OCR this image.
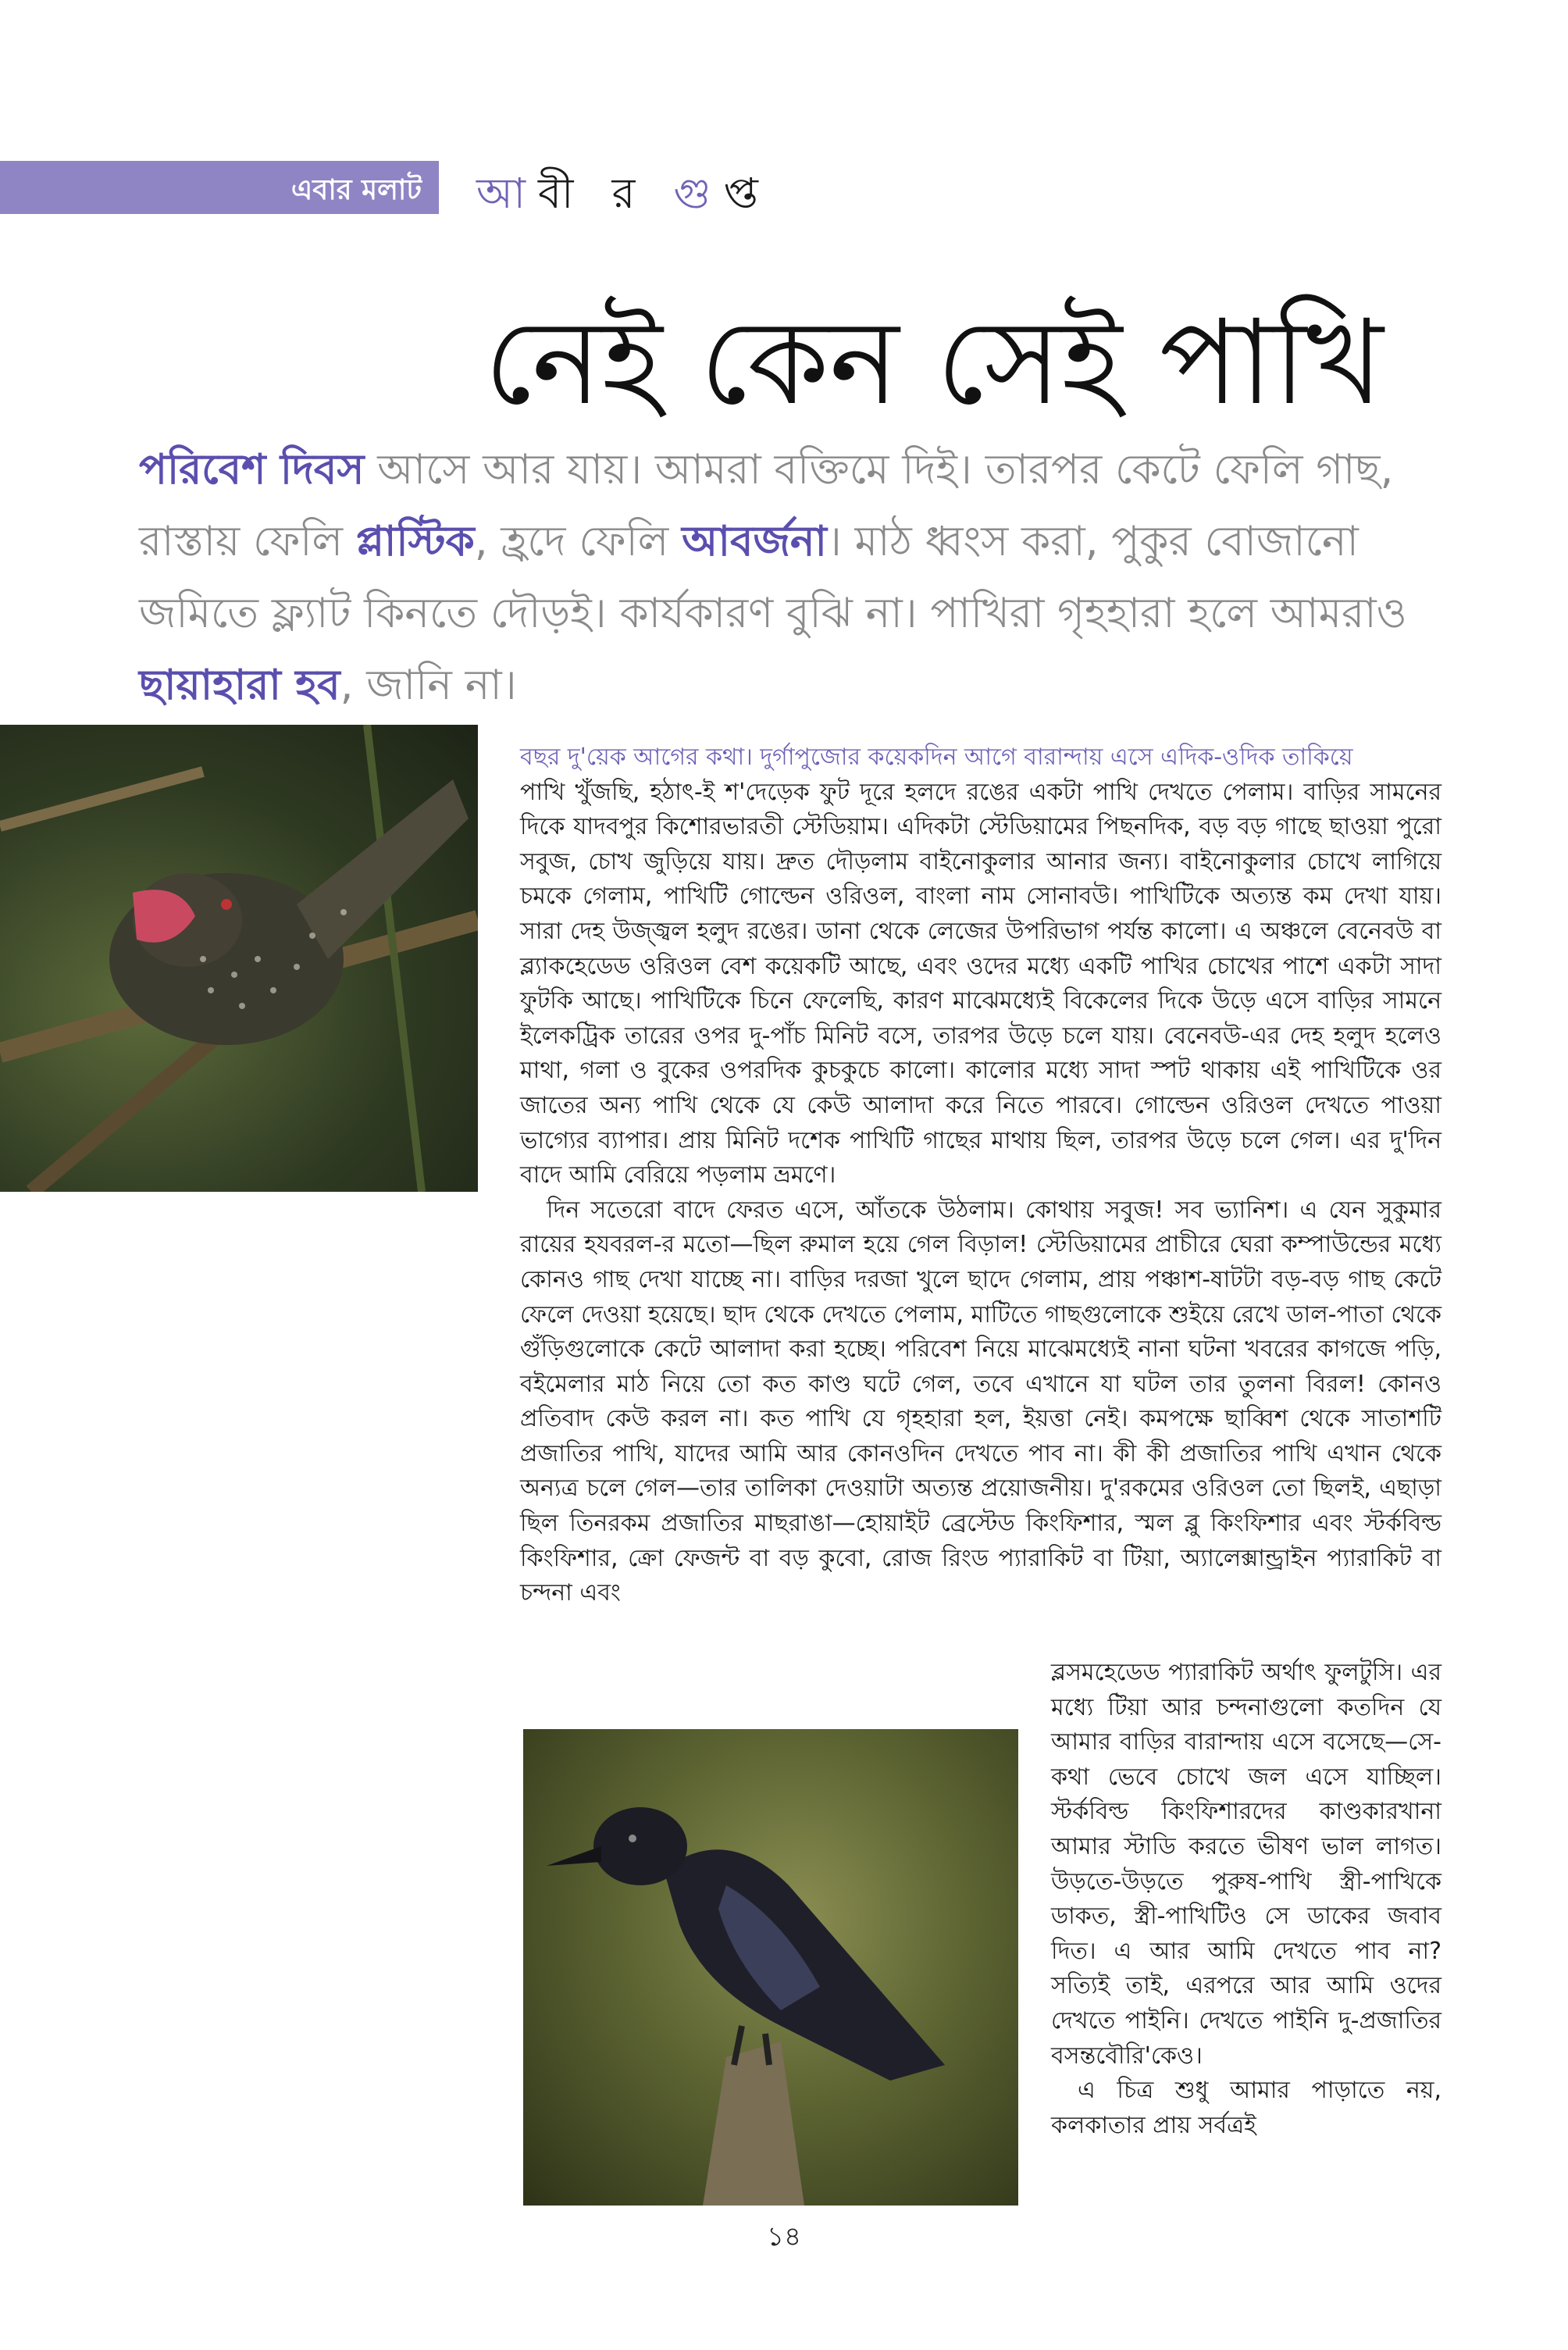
এবার মলাট আবী র গুপ্ত
নেই কেন সেই পাখি
পরিবেশ দিবস আসে আর যায়। আমরা বক্তিমে দিই। তারপর কেটে ফেলি গাছ, রাস্তায় ফেলি প্লাস্টিক, হ্রদে ফেলি আবর্জনা। মাঠ ধ্বংস করা, পুকুর বোজানো জমিতে ফ্ল্যাট কিনতে দৌড়ই। কার্যকারণ বুঝি না। পাখিরা গৃহহারা হলে আমরাও ছায়াহারা হব, জানি না।

বছর দু'য়েক আগের কথা। দুর্গাপুজোর কয়েকদিন আগে বারান্দায় এসে এদিক-ওদিক তাকিয়ে

পাখি খুঁজছি, হঠাৎ-ই শ'দেড়েক ফুট দূরে হলদে রঙের একটা পাখি দেখতে পেলাম। বাড়ির সামনের দিকে যাদবপুর কিশোরভারতী স্টেডিয়াম। এদিকটা স্টেডিয়ামের পিছনদিক, বড় বড় গাছে ছাওয়া পুরো সবুজ, চোখ জুড়িয়ে যায়। দ্রুত দৌড়লাম বাইনোকুলার আনার জন্য। বাইনোকুলার চোখে লাগিয়ে চমকে গেলাম, পাখিটি গোল্ডেন ওরিওল, বাংলা নাম সোনাবউ। পাখিটিকে অত্যন্ত কম দেখা যায়। সারা দেহ উজ্জ্বল হলুদ রঙের। ডানা থেকে লেজের উপরিভাগ পর্যন্ত কালো। এ অঞ্চলে বেনেবউ বা ব্ল্যাকহেডেড ওরিওল বেশ কয়েকটি আছে, এবং ওদের মধ্যে একটি পাখির চোখের পাশে একটা সাদা ফুটকি আছে। পাখিটিকে চিনে ফেলেছি, কারণ মাঝেমধ্যেই বিকেলের দিকে উড়ে এসে বাড়ির সামনে ইলেকট্রিক তারের ওপর দু-পাঁচ মিনিট বসে, তারপর উড়ে চলে যায়। বেনেবউ-এর দেহ হলুদ হলেও মাথা, গলা ও বুকের ওপরদিক কুচকুচে কালো। কালোর মধ্যে সাদা স্পট থাকায় এই পাখিটিকে ওর জাতের অন্য পাখি থেকে যে কেউ আলাদা করে নিতে পারবে। গোল্ডেন ওরিওল দেখতে পাওয়া ভাগ্যের ব্যাপার। প্রায় মিনিট দশেক পাখিটি গাছের মাথায় ছিল, তারপর উড়ে চলে গেল। এর দু'দিন বাদে আমি বেরিয়ে পড়লাম ভ্রমণে।

দিন সতেরো বাদে ফেরত এসে, আঁতকে উঠলাম। কোথায় সবুজ! সব ভ্যানিশ। এ যেন সুকুমার রায়ের হযবরল-র মতো—ছিল রুমাল হয়ে গেল বিড়াল! স্টেডিয়ামের প্রাচীরে ঘেরা কম্পাউন্ডের মধ্যে কোনও গাছ দেখা যাচ্ছে না। বাড়ির দরজা খুলে ছাদে গেলাম, প্রায় পঞ্চাশ-ষাটটা বড়-বড় গাছ কেটে ফেলে দেওয়া হয়েছে। ছাদ থেকে দেখতে পেলাম, মাটিতে গাছগুলোকে শুইয়ে রেখে ডাল-পাতা থেকে গুঁড়িগুলোকে কেটে আলাদা করা হচ্ছে। পরিবেশ নিয়ে মাঝেমধ্যেই নানা ঘটনা খবরের কাগজে পড়ি, বইমেলার মাঠ নিয়ে তো কত কাণ্ড ঘটে গেল, তবে এখানে যা ঘটল তার তুলনা বিরল! কোনও প্রতিবাদ কেউ করল না। কত পাখি যে গৃহহারা হল, ইয়ত্তা নেই। কমপক্ষে ছাব্বিশ থেকে সাতাশটি প্রজাতির পাখি, যাদের আমি আর কোনওদিন দেখতে পাব না। কী কী প্রজাতির পাখি এখান থেকে অন্যত্র চলে গেল—তার তালিকা দেওয়াটা অত্যন্ত প্রয়োজনীয়। দু'রকমের ওরিওল তো ছিলই, এছাড়া ছিল তিনরকম প্রজাতির মাছরাঙা—হোয়াইট ব্রেস্টেড কিংফিশার, স্মল ব্লু কিংফিশার এবং স্টর্কবিল্ড কিংফিশার, ক্রো ফেজন্ট বা বড় কুবো, রোজ রিংড প্যারাকিট বা টিয়া, অ্যালেক্সান্ড্রাইন প্যারাকিট বা চন্দনা এবং

ব্লসমহেডেড প্যারাকিট অর্থাৎ ফুলটুসি। এর মধ্যে টিয়া আর চন্দনাগুলো কতদিন যে আমার বাড়ির বারান্দায় এসে বসেছে—সে-কথা ভেবে চোখে জল এসে যাচ্ছিল। স্টর্কবিল্ড কিংফিশারদের কাণ্ডকারখানা আমার স্টাডি করতে ভীষণ ভাল লাগত। উড়তে-উড়তে পুরুষ-পাখি স্ত্রী-পাখিকে ডাকত, স্ত্রী-পাখিটিও সে ডাকের জবাব দিত। এ আর আমি দেখতে পাব না? সত্যিই তাই, এরপরে আর আমি ওদের দেখতে পাইনি। দেখতে পাইনি দু-প্রজাতির বসন্তবৌরি'কেও।

এ চিত্র শুধু আমার পাড়াতে নয়, কলকাতার প্রায় সর্বত্রই

১৪
